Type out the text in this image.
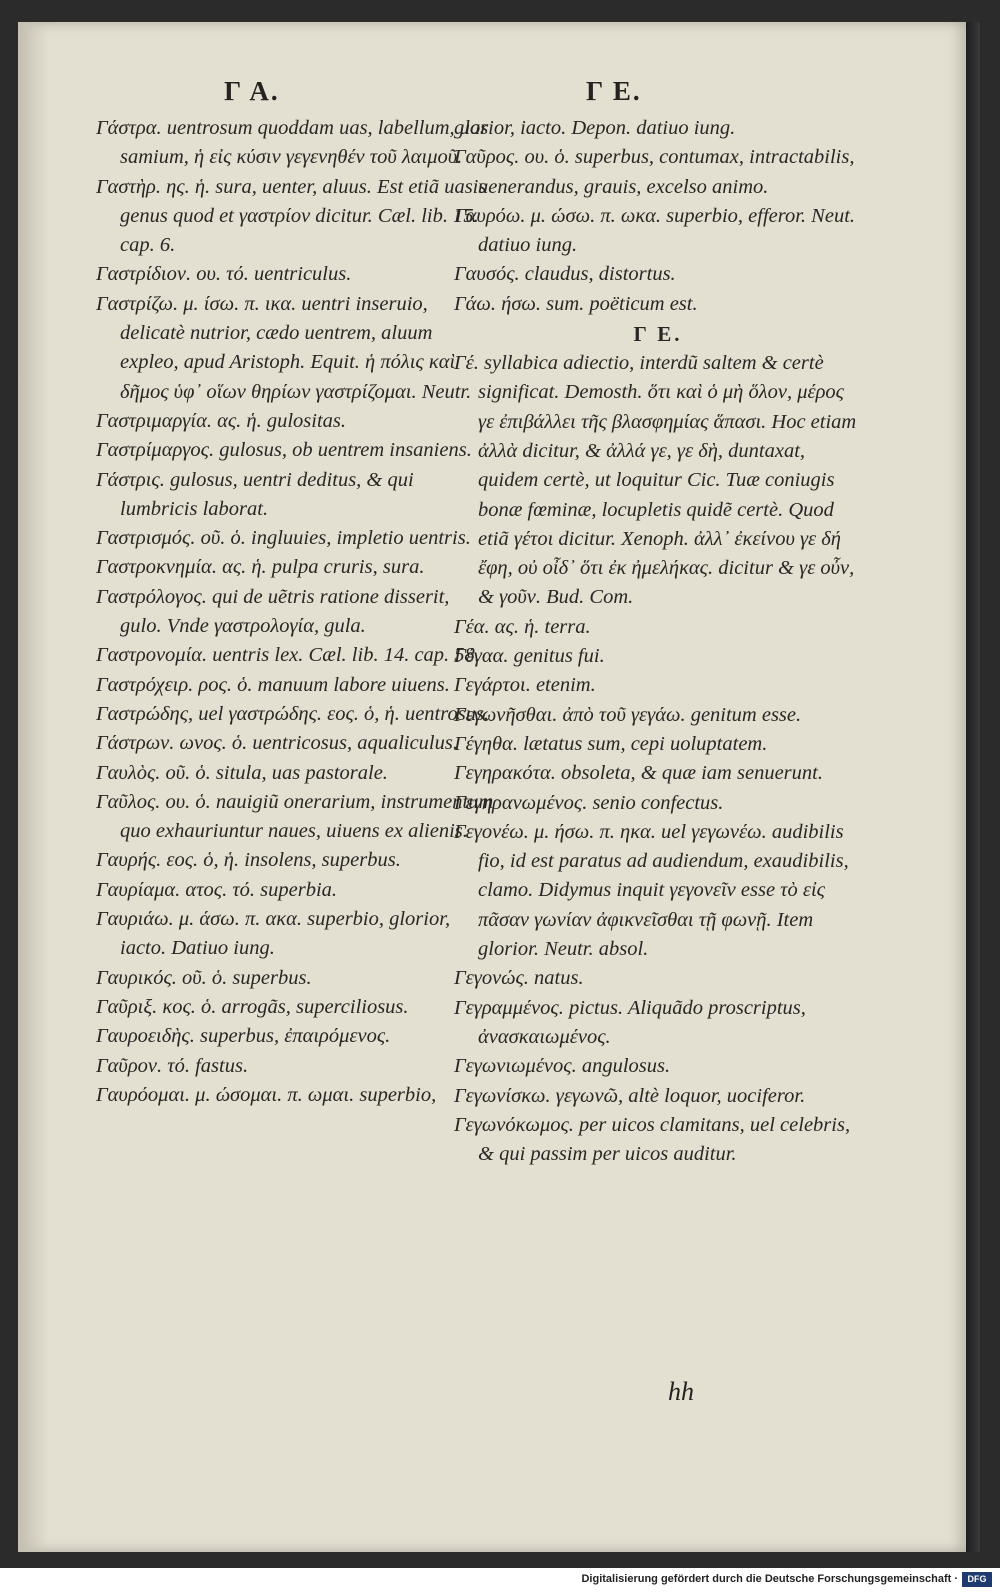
Γ Α.	Γ Ε.

Γάστρα. uentrosum quoddam uas, labellum, uas samium, ἡ εἰς κύσιν γεγενηθέν τοῦ λαιμοῦ.

Γαστὴρ. ης. ἡ. sura, uenter, aluus. Est etiã uasis genus quod et γαστρίον dicitur. Cæl. lib. 15. cap. 6.

Γαστρίδιον. ου. τό. uentriculus.

Γαστρίζω. μ. ίσω. π. ικα. uentri inseruio, delicatè nutrior, cædo uentrem, aluum expleo, apud Aristoph. Equit. ἡ πόλις καὶ δῆμος ὑφ᾽ οἵων θηρίων γαστρίζομαι. Neutr.

Γαστριμαργία. ας. ἡ. gulositas.

Γαστρίμαργος. gulosus, ob uentrem insaniens.

Γάστρις. gulosus, uentri deditus, & qui lumbricis laborat.

Γαστρισμός. οῦ. ὁ. ingluuies, impletio uentris.

Γαστροκνημία. ας. ἡ. pulpa cruris, sura.

Γαστρόλογος. qui de uẽtris ratione disserit, gulo. Vnde γαστρολογία, gula.

Γαστρονομία. uentris lex. Cæl. lib. 14. cap. 58.

Γαστρόχειρ. ρος. ὁ. manuum labore uiuens.

Γαστρώδης, uel γαστρώδης. εος. ὁ, ἡ. uentrosus.

Γάστρων. ωνος. ὁ. uentricosus, aqualiculus.

Γαυλὸς. οῦ. ὁ. situla, uas pastorale.

Γαῦλος. ου. ὁ. nauigiũ onerarium, instrumentum quo exhauriuntur naues, uiuens ex alienis.

Γαυρής. εος. ὁ, ἡ. insolens, superbus.

Γαυρίαμα. ατος. τό. superbia.

Γαυριάω. μ. άσω. π. ακα. superbio, glorior, iacto. Datiuo iung.

Γαυρικός. οῦ. ὁ. superbus.

Γαῦριξ. κος. ὁ. arrogãs, superciliosus.

Γαυροειδὴς. superbus, ἐπαιρόμενος.

Γαῦρον. τό. fastus.

Γαυρόομαι. μ. ώσομαι. π. ωμαι. superbio,

glorior, iacto. Depon. datiuo iung.

Γαῦρος. ου. ὁ. superbus, contumax, intractabilis, uenerandus, grauis, excelso animo.

Γαυρόω. μ. ώσω. π. ωκα. superbio, efferor. Neut. datiuo iung.

Γαυσός. claudus, distortus.

Γάω. ήσω. sum. poëticum est.

Γ Ε.

Γέ. syllabica adiectio, interdũ saltem & certè significat. Demosth. ὅτι καὶ ὁ μὴ ὅλον, μέρος γε ἐπιβάλλει τῆς βλασφημίας ἅπασι. Hoc etiam ἀλλὰ dicitur, & ἀλλά γε, γε δὴ, duntaxat, quidem certè, ut loquitur Cic. Tuæ coniugis bonæ fœminæ, locupletis quidẽ certè. Quod etiã γέτοι dicitur. Xenoph. ἀλλ᾽ ἐκείνου γε δή ἔφη, οὐ οἶδ᾽ ὅτι ἐκ ἠμελήκας. dicitur & γε οὖν, & γοῦν. Bud. Com.

Γέα. ας. ἡ. terra.

Γέγαα. genitus fui.

Γεγάρτοι. etenim.

Γεγωνῆσθαι. ἀπὸ τοῦ γεγάω. genitum esse.

Γέγηθα. lætatus sum, cepi uoluptatem.

Γεγηρακότα. obsoleta, & quæ iam senuerunt.

Γεγηρανωμένος. senio confectus.

Γεγονέω. μ. ήσω. π. ηκα. uel γεγωνέω. audibilis fio, id est paratus ad audiendum, exaudibilis, clamo. Didymus inquit γεγονεῖν esse τὸ εἰς πᾶσαν γωνίαν ἀφικνεῖσθαι τῇ φωνῇ. Item glorior. Neutr. absol.

Γεγονώς. natus.

Γεγραμμένος. pictus. Aliquãdo proscriptus, ἀνασκαιωμένος.

Γεγωνιωμένος. angulosus.

Γεγωνίσκω. γεγωνῶ, altè loquor, uociferor.

Γεγωνόκωμος. per uicos clamitans, uel celebris, & qui passim per uicos auditur.

hh
Digitalisierung gefördert durch die Deutsche Forschungsgemeinschaft ·	DFG
